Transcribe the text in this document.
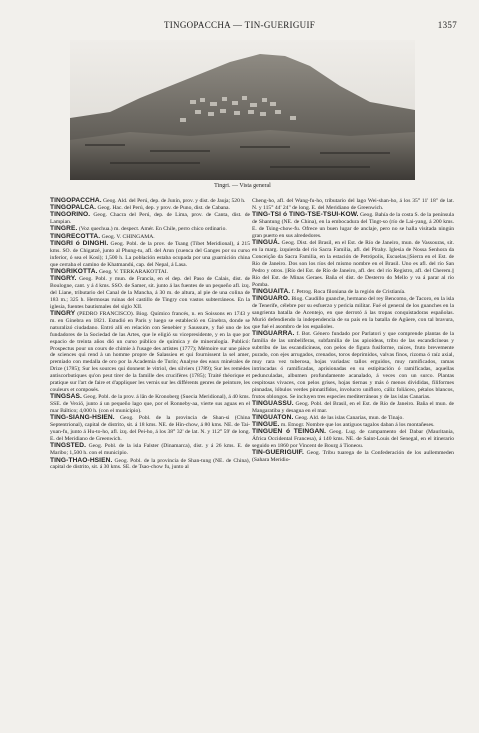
TINGOPACCHA — TIN-GUERIGUIF	1357
Tingri. — Vista general
TINGOPACCHA. Geog. Ald. del Perú, dep. de Junín, prov. y dist. de Jauja; 520 h.
TINGOPALCA. Geog. Hac. del Perú, dep. y prov. de Puno, dist. de Cabana.
TINGORINO. Geog. Chacra del Perú, dep. de Lima, prov. de Canta, dist. de Lampian.
TINGRE. (Voz quechua.) m. despect. Amér. En Chile, perro chico ordinario.
TINGRECOTTA. Geog. V. CHINGAMA.
TINGRI ó DINGHI. Geog. Pobl. de la prov. de Tsang (Tíbet Meridional), á 215 kms. SO. de Chigatzé, junto al Phung-tu, afl. del Arun (cuenca del Ganges por su curso inferior, ó sea el Kosi); 1,500 h. La población estaba ocupada por una guarnición china que cerraba el camino de Khatmandú, cap. del Nepal, á Lasa.
TINGRIKOTTA. Geog. V. TERKARAKOTTAI.
TINGRY. Geog. Pobl. y mun. de Francia, en el dep. del Paso de Calais, dist. de Boulogne, cant. y á 4 kms. SSO. de Samer, sit. junto á las fuentes de un pequeño afl. izq. del Liane, tributario del Canal de la Mancha, á 30 m. de altura, al pie de una colina de 183 m.; 325 h. Hermosas ruinas del castillo de Tingry con vastos subterráneos. En la iglesia, fuentes bautismales del siglo XII.
TINGRY (PEDRO FRANCISCO). Biog. Químico francés, n. en Soissons en 1743 y m. en Ginebra en 1821. Estudió en París y luego se estableció en Ginebra, donde se naturalizó ciudadano. Entró allí en relación con Senebier y Saussure, y fué uno de los fundadores de la Sociedad de las Artes, que le eligió su vicepresidente, y en la que por espacio de treinta años dió un curso público de química y de mineralogía. Publicó: Prospectus pour un cours de chimie à l'usage des artistes (1777); Mémoire sur une pièce de sciences qui rend à un homme propre de Salassieu et qui fournissent la sel amer, premiado con medalla de oro por la Academia de Turín; Analyse des eaux minérales de Drize (1785); Sur les sources qui donnent le vitriol, des silviers (1789); Sur les remèdes antiscorbutiques qu'on peut tirer de la famille des crucifères (1785); Traité théorique et pratique sur l'art de faire et d'appliquer les vernis sur les différents genres de peinture, les couleurs et composés.
TINGSAS. Geog. Pobl. de la prov. á lân de Kronoberg (Suecia Meridional), á 40 kms. SSE. de Vexiö, junto á un pequeño lago que, por el Ronneby-aa, vierte sus aguas en el mar Báltico; 4,000 h. (con el municipio).
TING-SIANG-HSIEN. Geog. Pobl. de la provincia de Shan-si (China Septentrional), capital de distrito, sit. á 18 kms. NE. de Hin-chow, á 80 kms. NE. de Tai-yuan-fu, junto á Hu-to-ho, afl. izq. del Pei-ho, á los 38° 32' de lat. N. y 112° 59' de long. E. del Meridiano de Greenwich.
TINGSTED. Geog. Pobl. de la isla Falster (Dinamarca), dist. y á 26 kms. E. de Maribo; 1,500 h. con el municipio.
TING-THAO-HSIEN. Geog. Pobl. de la provincia de Shan-tung (NE. de China), capital de distrito, sit. á 30 kms. SE. de Tsao-chow fu, junto al
Cheng-ho, afl. del Wang-fu-ho, tributario del lago Wei-shan-ho, á los 35° 11' 18" de lat. N. y 115° 44' 24" de long. E. del Meridiano de Greenwich.
TING-TSI ó TING-TSE-TSUI-KOW. Geog. Bahía de la costa S. de la península de Shantung (NE. de China), en la embocadura del Tingt-so (río de Lai-yang, á 200 kms. E. de Tsing-chow-fu. Ofrece un buen lugar de anclaje, pero no se halla visitada ningún gran puerto en sus alrededores.
TINGUÁ. Geog. Dist. del Brasil, en el Est. de Río de Janeiro, mun. de Vassouras, sit. en la marg. izquierda del río Sacra Familia, afl. del Pirahy. Iglesia de Nossa Senhora da Conceição da Sacra Familia, en la estación de Petrópolis, Escuelas.||Sierra en el Est. de Río de Janeiro. Dos son los ríos del mismo nombre en el Brasil. Uno es afl. del río San Pedro y otros. ||Río del Est. de Río de Janeiro, afl. der. del río Registro, afl. del Cherem.|| Río del Est. de Minas Geraes. Baña el dist. de Desterro do Mello y va á parar al río Pomba.
TINGUAITA. f. Petrog. Roca filoniana de la región de Cristianía.
TINGUARO. Biog. Caudillo guanche, hermano del rey Bencomo, de Tacoro, en la isla de Tenerife, célebre por su esfuerzo y pericia militar. Fué el general de los guanches en la sangrienta batalla de Acentejo, en que derrotó á las tropas conquistadoras españolas. Murió defendiendo la independencia de su país en la batalla de Agüere, con tal bravura, que fué el asombro de los españoles.
TINGUARRA. f. Bot. Género fundado por Parlatori y que comprende plantas de la familia de las umbelíferas, subfamilia de las apioideas, tribu de las escandicíneas y subtribu de las escandicíneas, con pelos de figura fusiforme, raíces, fruto brevemente purado, con ejes arrugados, crenados, toros deprimidos, valvas finos, rizoma ó raíz axial, muy rara vez tuberosa, hojas variadas: tallos erguidos, muy ramificados, ramas intrincadas ó ramificadas, aprisionadas en su estipitación ó ramificadas, aquellas pedunculadas, albumen profundamente acanalado, á veces con un surco. Plantas cespitosas vivaces, con pelos grises, hojas tiernas y más ó menos divididas, filiformes pinnadas, lóbulos verdes pinnatifidos, involucro unifloro, cáliz foliáceo, pétalos blancos, frutos oblongos. Se incluyen tres especies mediterráneas y de las islas Canarias.
TINGUASSU. Geog. Pobl. del Brasil, en el Est. de Río de Janeiro. Baña el mun. de Mangaratiba y desagua en el mar.
TINGUATON. Geog. Ald. de las islas Canarias, mun. de Tinajo.
TINGUE. m. Etnogr. Nombre que los antiguos tagalos daban á los montañeses.
TINGUEN ó TEINGAN. Geog. Lug. de campamento del Dabar (Mauritania, África Occidental Francesa), á 140 kms. NE. de Saint-Louis del Senegal, en el itinerario seguido en 1860 por Vincent de Bourg á Tioneou.
TIN-GUERIGUIF. Geog. Tribu tuarega de la Confederación de los aullemmeden (Sahara Meridio-
